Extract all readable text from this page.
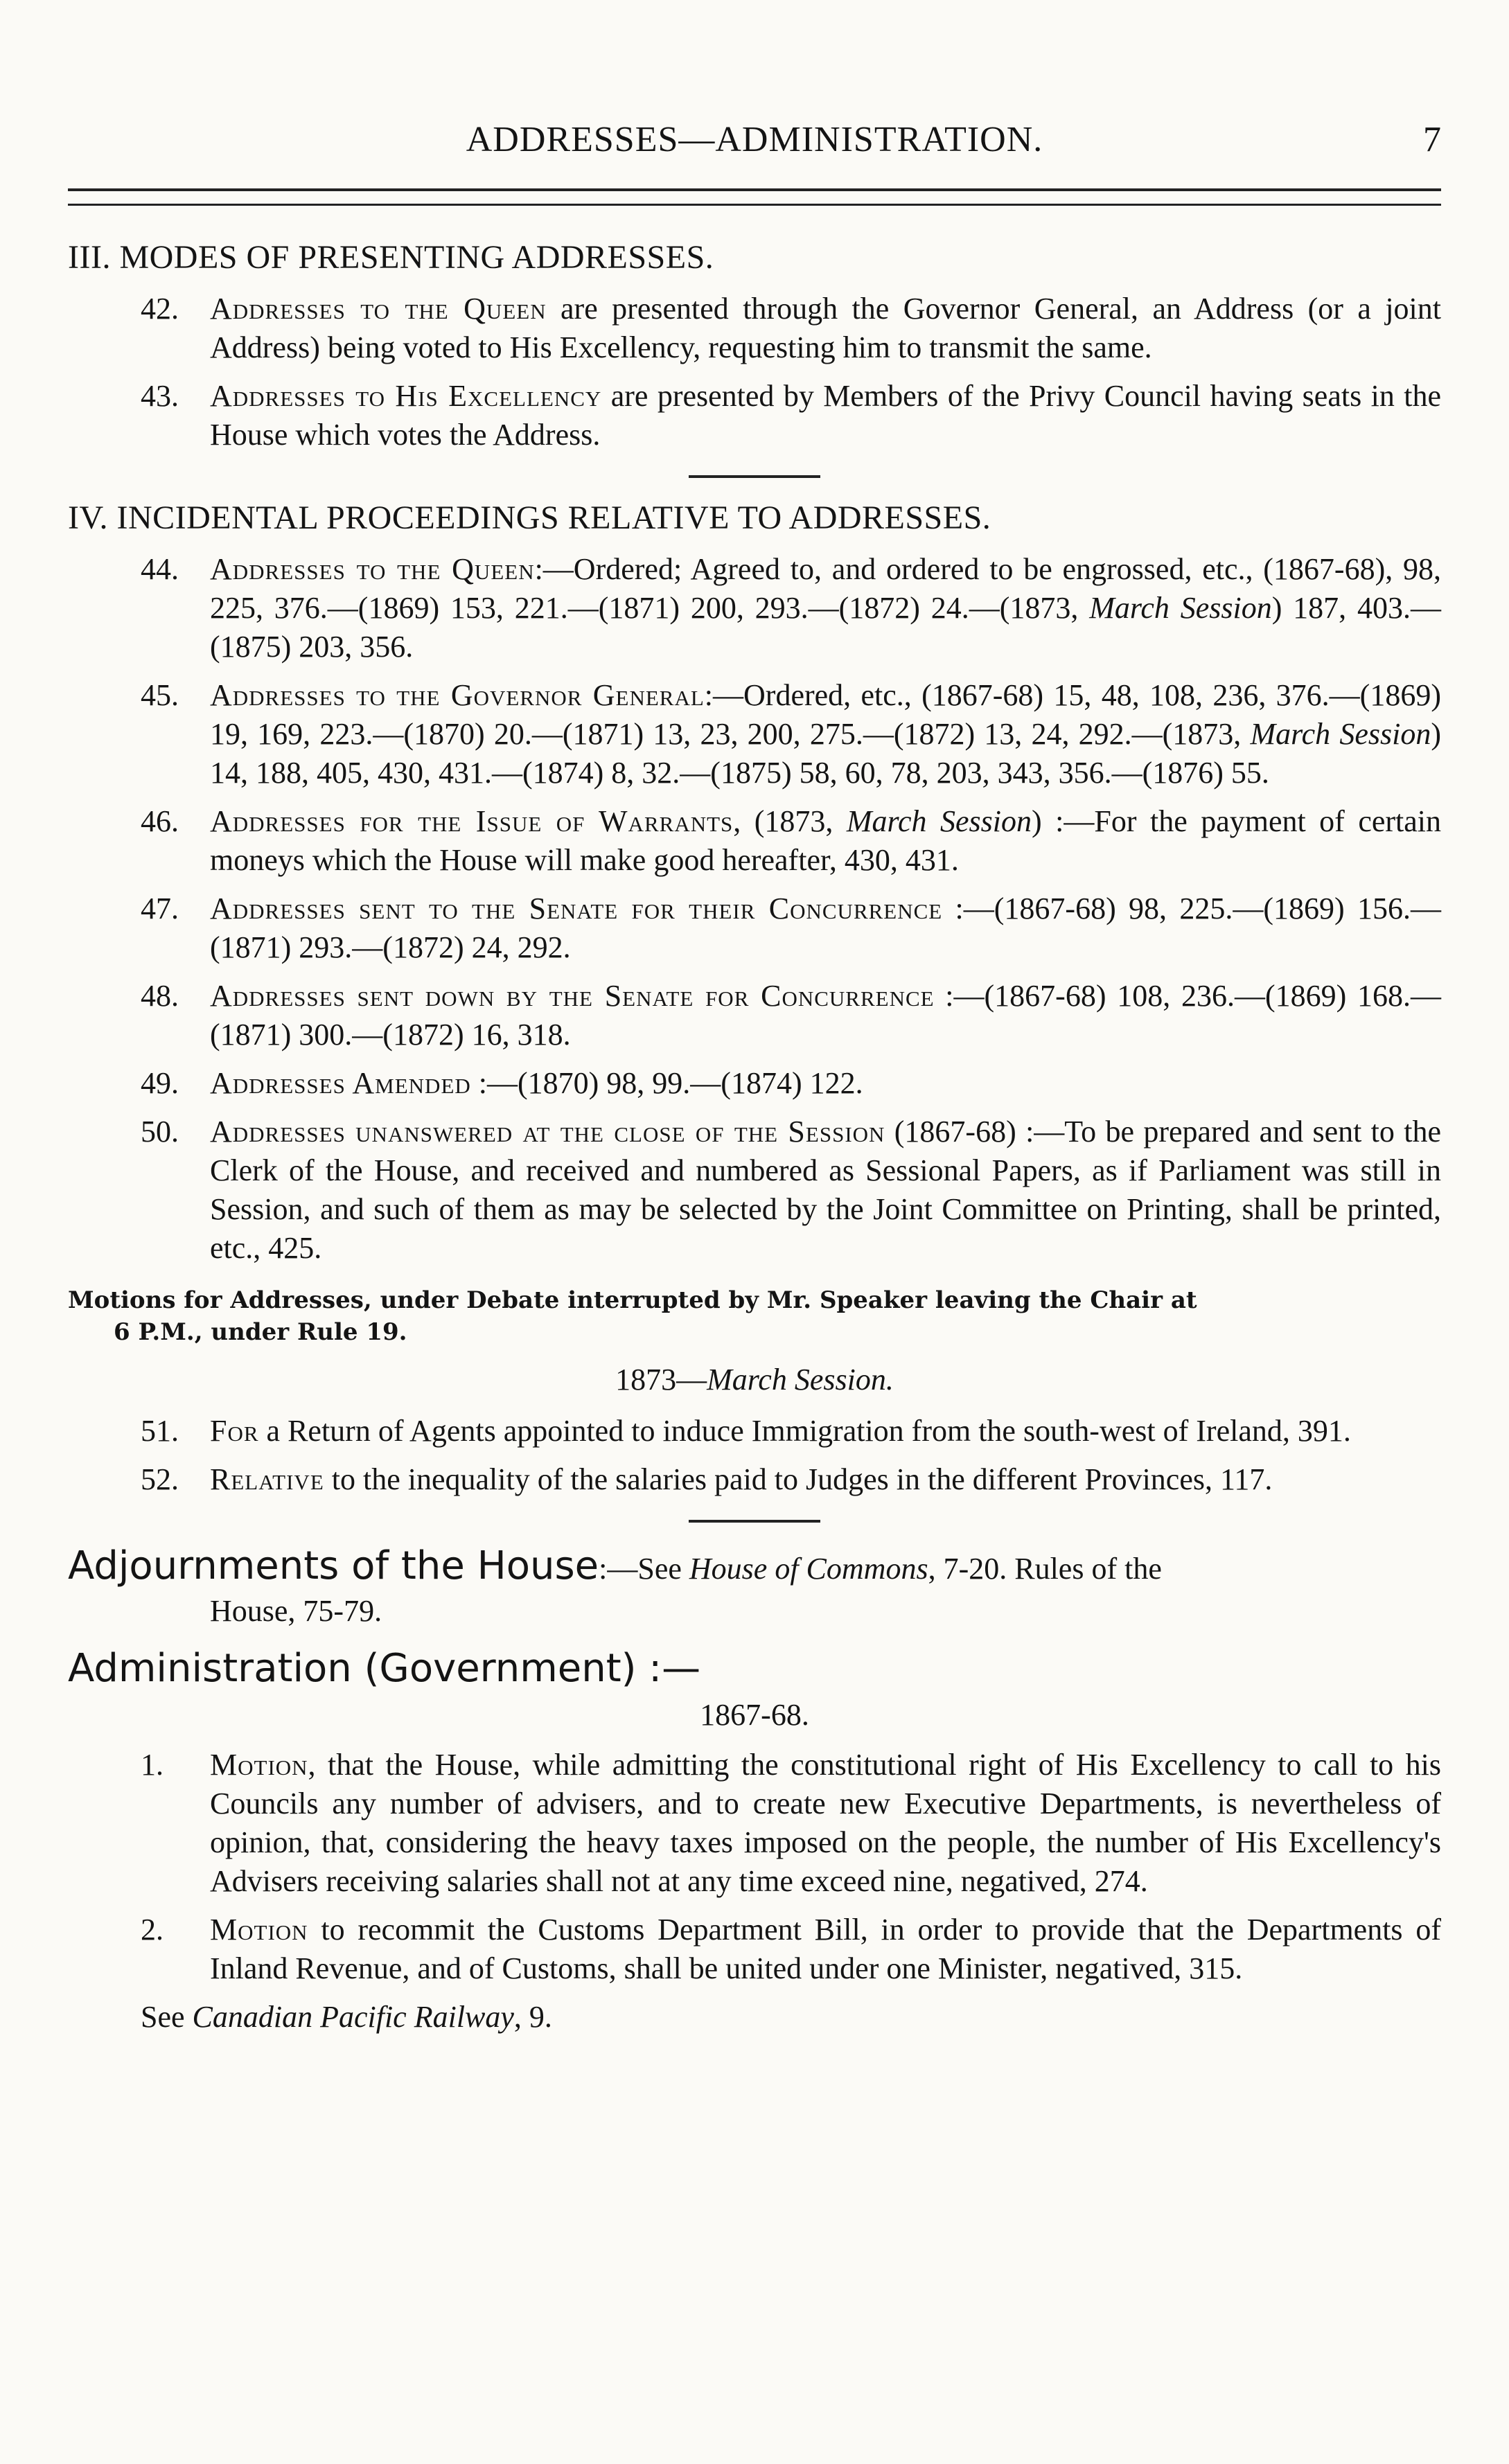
ADDRESSES—ADMINISTRATION.	7
III. MODES OF PRESENTING ADDRESSES.
42. Addresses to the Queen are presented through the Governor General, an Address (or a joint Address) being voted to His Excellency, requesting him to transmit the same.
43. Addresses to His Excellency are presented by Members of the Privy Council having seats in the House which votes the Address.
IV. INCIDENTAL PROCEEDINGS RELATIVE TO ADDRESSES.
44. Addresses to the Queen:—Ordered; Agreed to, and ordered to be engrossed, etc., (1867-68), 98, 225, 376.—(1869) 153, 221.—(1871) 200, 293.—(1872) 24.—(1873, March Session) 187, 403.—(1875) 203, 356.
45. Addresses to the Governor General:—Ordered, etc., (1867-68) 15, 48, 108, 236, 376.—(1869) 19, 169, 223.—(1870) 20.—(1871) 13, 23, 200, 275.—(1872) 13, 24, 292.—(1873, March Session) 14, 188, 405, 430, 431.—(1874) 8, 32.—(1875) 58, 60, 78, 203, 343, 356.—(1876) 55.
46. Addresses for the Issue of Warrants, (1873, March Session) :—For the payment of certain moneys which the House will make good hereafter, 430, 431.
47. Addresses sent to the Senate for their Concurrence :—(1867-68) 98, 225.—(1869) 156.—(1871) 293.—(1872) 24, 292.
48. Addresses sent down by the Senate for Concurrence :—(1867-68) 108, 236.—(1869) 168.—(1871) 300.—(1872) 16, 318.
49. Addresses Amended :—(1870) 98, 99.—(1874) 122.
50. Addresses unanswered at the close of the Session (1867-68) :—To be prepared and sent to the Clerk of the House, and received and numbered as Sessional Papers, as if Parliament was still in Session, and such of them as may be selected by the Joint Committee on Printing, shall be printed, etc., 425.
Motions for Addresses, under Debate interrupted by Mr. Speaker leaving the Chair at
6 P.M., under Rule 19.
1873—March Session.
51. For a Return of Agents appointed to induce Immigration from the south-west of Ireland, 391.
52. Relative to the inequality of the salaries paid to Judges in the different Provinces, 117.
Adjournments of the House:—See House of Commons, 7-20. Rules of the
House, 75-79.
Administration (Government) :—
1867-68.
1. Motion, that the House, while admitting the constitutional right of His Excellency to call to his Councils any number of advisers, and to create new Executive Departments, is nevertheless of opinion, that, considering the heavy taxes imposed on the people, the number of His Excellency's Advisers receiving salaries shall not at any time exceed nine, negatived, 274.
2. Motion to recommit the Customs Department Bill, in order to provide that the Departments of Inland Revenue, and of Customs, shall be united under one Minister, negatived, 315.
See Canadian Pacific Railway, 9.
